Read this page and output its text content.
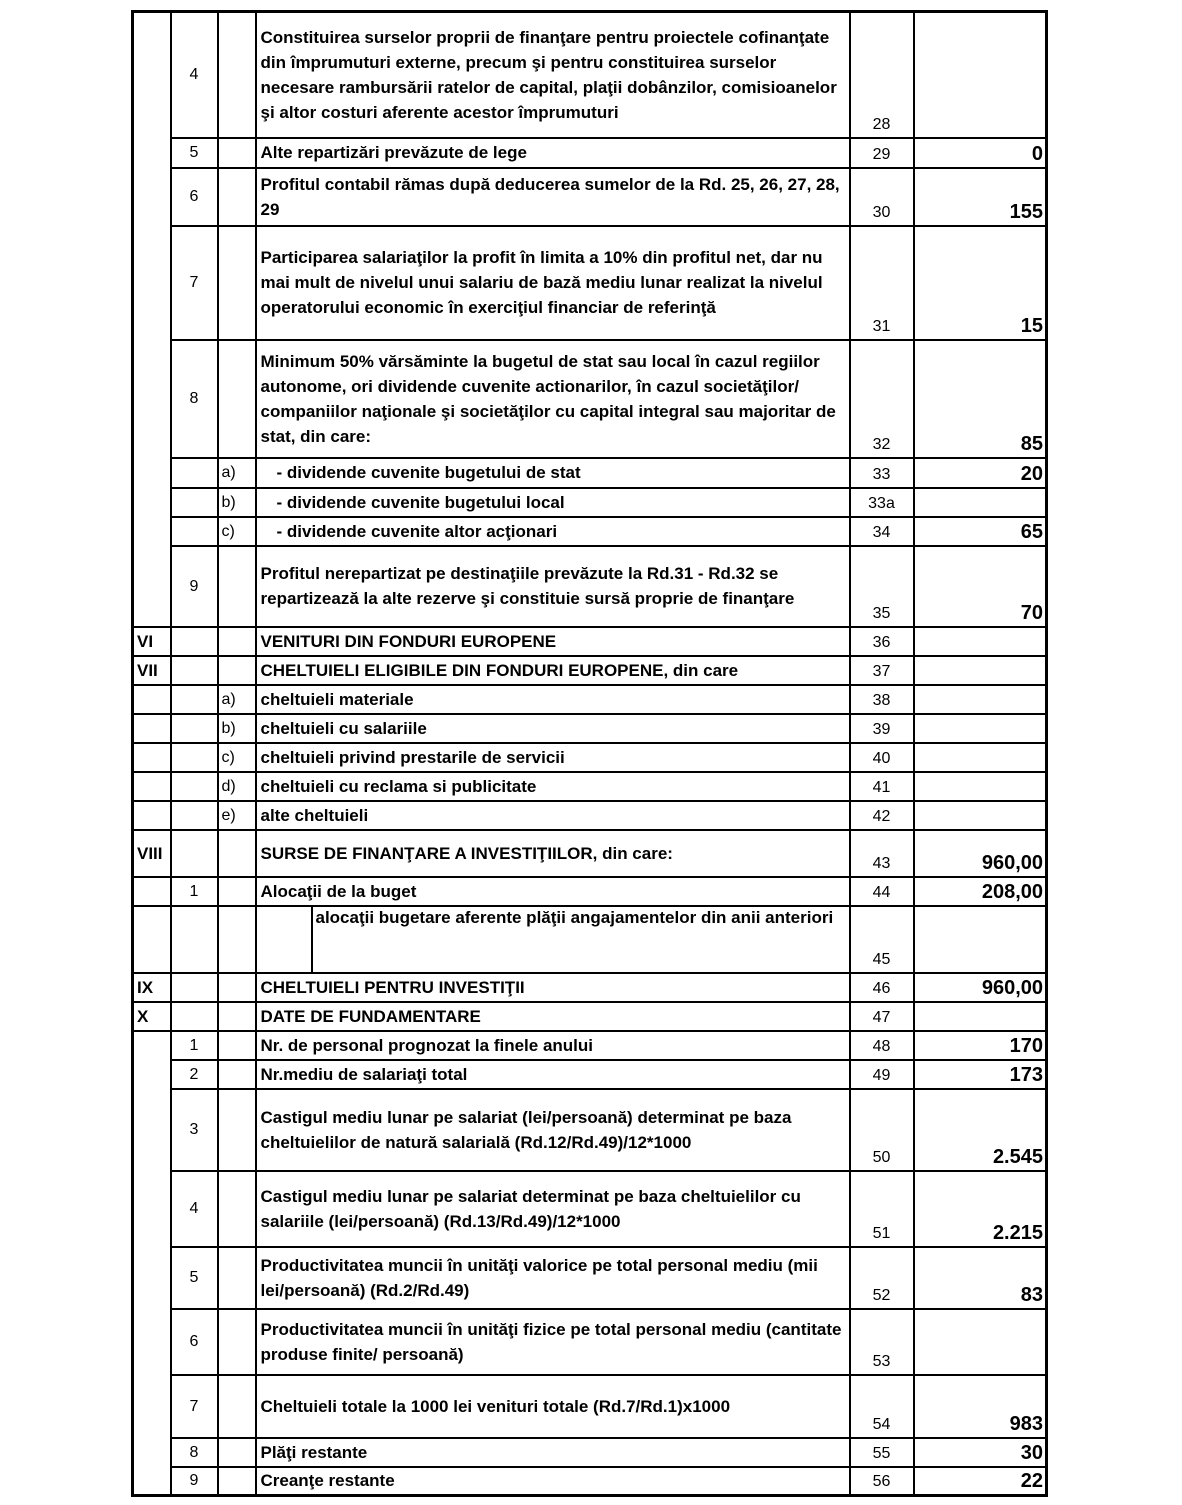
	4		Constituirea surselor proprii de finanţare pentru proiectele cofinanţate din împrumuturi externe, precum şi pentru constituirea surselor necesare rambursării ratelor de capital, plaţii dobânzilor, comisioanelor şi altor costuri aferente acestor împrumuturi	28	
	5		Alte repartizări prevăzute de lege	29	0
	6		Profitul contabil rămas după deducerea sumelor de la Rd. 25, 26, 27, 28, 29	30	155
	7		Participarea salariaţilor la profit în limita a 10% din profitul net, dar nu mai mult de nivelul unui salariu de bază mediu lunar realizat la nivelul operatorului economic în exerciţiul financiar de referinţă	31	15
	8		Minimum 50% vărsăminte la bugetul de stat sau local în cazul regiilor autonome, ori dividende cuvenite actionarilor, în cazul societăţilor/ companiilor naţionale şi societăţilor cu capital integral sau majoritar de stat, din care:	32	85
		a)	- dividende cuvenite bugetului de stat	33	20
		b)	- dividende cuvenite bugetului local	33a	
		c)	- dividende cuvenite altor acţionari	34	65
	9		Profitul nerepartizat pe destinaţiile prevăzute la Rd.31 - Rd.32 se repartizează la alte rezerve şi constituie sursă proprie de finanţare	35	70
VI			VENITURI DIN FONDURI EUROPENE	36	
VII			CHELTUIELI ELIGIBILE DIN FONDURI EUROPENE, din care	37	
		a)	cheltuieli materiale	38	
		b)	cheltuieli cu salariile	39	
		c)	cheltuieli privind prestarile de servicii	40	
		d)	cheltuieli cu reclama si publicitate	41	
		e)	alte cheltuieli	42	
VIII			SURSE DE FINANŢARE A INVESTIŢIILOR, din care:	43	960,00
	1		Alocaţii de la buget	44	208,00

			alocaţii bugetare aferente plăţii angajamentelor din anii anteriori	45	
IX			CHELTUIELI PENTRU INVESTIŢII	46	960,00
X			DATE DE FUNDAMENTARE	47	
	1		Nr. de personal prognozat la finele anului	48	170
	2		Nr.mediu de salariaţi total	49	173
	3		Castigul mediu lunar pe salariat (lei/persoană) determinat pe baza cheltuielilor de natură salarială (Rd.12/Rd.49)/12*1000	50	2.545
	4		Castigul mediu lunar pe salariat determinat pe baza cheltuielilor cu salariile (lei/persoană) (Rd.13/Rd.49)/12*1000	51	2.215
	5		Productivitatea muncii în unităţi valorice pe total personal mediu (mii lei/persoană) (Rd.2/Rd.49)	52	83
	6		Productivitatea muncii în unităţi fizice pe total personal mediu (cantitate produse finite/ persoană)	53	
	7		Cheltuieli totale la 1000 lei venituri totale (Rd.7/Rd.1)x1000	54	983
	8		Plăţi restante	55	30
	9		Creanţe restante	56	22
